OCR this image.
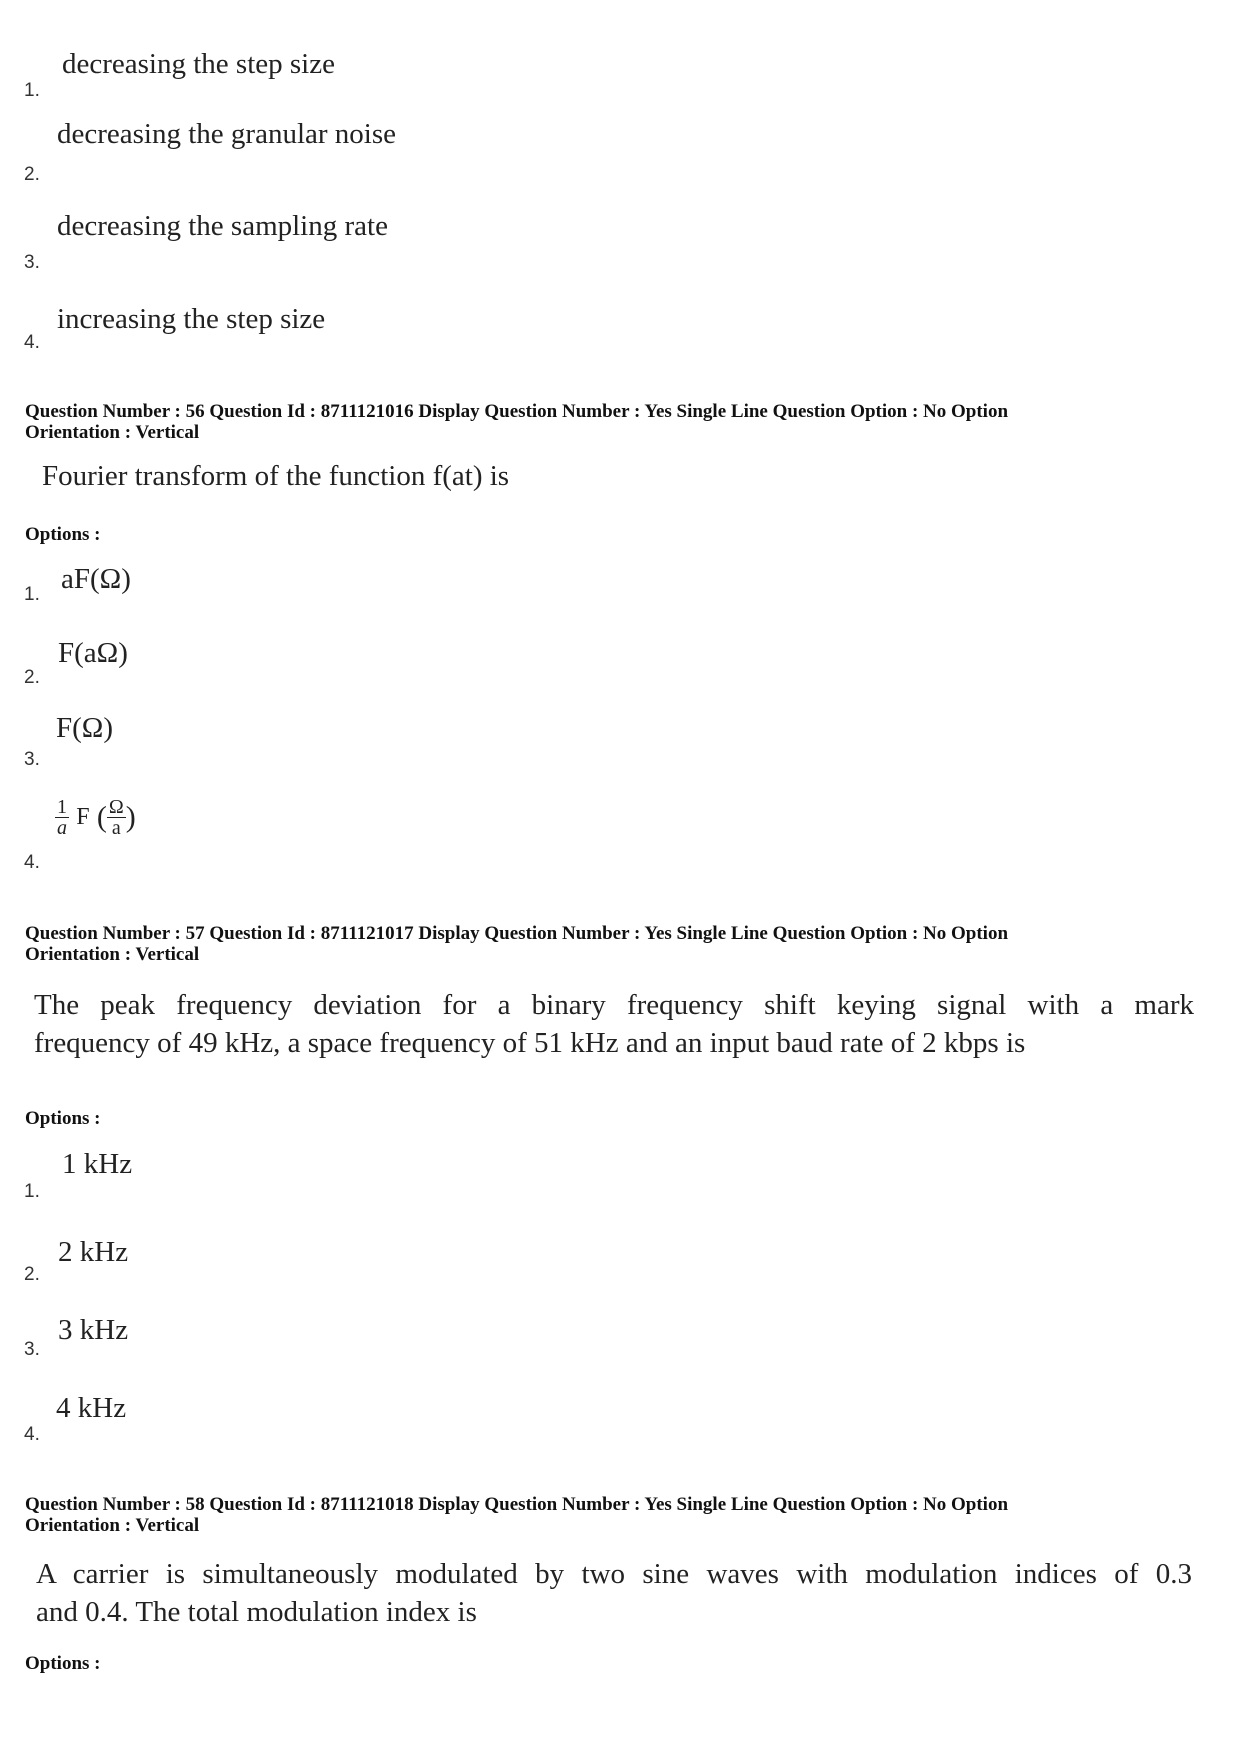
decreasing the step size
1.
decreasing the granular noise
2.
decreasing the sampling rate
3.
increasing the step size
4.
Question Number : 56 Question Id : 8711121016 Display Question Number : Yes Single Line Question Option : No Option
Orientation : Vertical
Fourier transform of the function f(at) is
Options :
aF(Ω)
1.
F(aΩ)
2.
F(Ω)
3.
$\frac{1}{a}$ F ( $\frac{\Omega}{a}$ )
4.
Question Number : 57 Question Id : 8711121017 Display Question Number : Yes Single Line Question Option : No Option
Orientation : Vertical
The peak frequency deviation for a binary frequency shift keying signal with a mark
frequency of 49 kHz, a space frequency of 51 kHz and an input baud rate of 2 kbps is
Options :
1 kHz
1.
2 kHz
2.
3 kHz
3.
4 kHz
4.
Question Number : 58 Question Id : 8711121018 Display Question Number : Yes Single Line Question Option : No Option
Orientation : Vertical
A carrier is simultaneously modulated by two sine waves with modulation indices of 0.3
and 0.4. The total modulation index is
Options :
